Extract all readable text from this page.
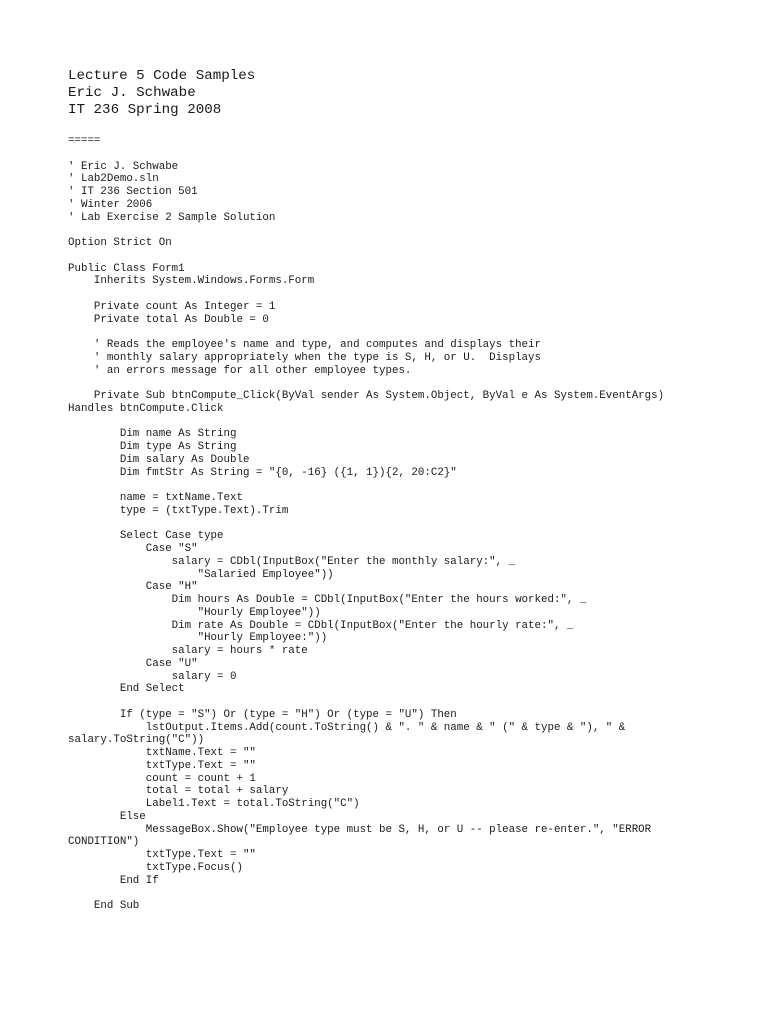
Lecture 5 Code Samples
Eric J. Schwabe
IT 236 Spring 2008
=====
' Eric J. Schwabe
' Lab2Demo.sln
' IT 236 Section 501
' Winter 2006
' Lab Exercise 2 Sample Solution
Option Strict On
Public Class Form1
Inherits System.Windows.Forms.Form
Private count As Integer = 1
Private total As Double = 0
' Reads the employee's name and type, and computes and displays their
' monthly salary appropriately when the type is S, H, or U.  Displays
' an errors message for all other employee types.
Private Sub btnCompute_Click(ByVal sender As System.Object, ByVal e As System.EventArgs)
Handles btnCompute.Click
Dim name As String
Dim type As String
Dim salary As Double
Dim fmtStr As String = "{0, -16} ({1, 1}){2, 20:C2}"
name = txtName.Text
type = (txtType.Text).Trim
Select Case type
Case "S"
salary = CDbl(InputBox("Enter the monthly salary:", _
"Salaried Employee"))
Case "H"
Dim hours As Double = CDbl(InputBox("Enter the hours worked:", _
"Hourly Employee"))
Dim rate As Double = CDbl(InputBox("Enter the hourly rate:", _
"Hourly Employee:"))
salary = hours * rate
Case "U"
salary = 0
End Select
If (type = "S") Or (type = "H") Or (type = "U") Then
lstOutput.Items.Add(count.ToString() & ". " & name & " (" & type & "), " &
salary.ToString("C"))
txtName.Text = ""
txtType.Text = ""
count = count + 1
total = total + salary
Label1.Text = total.ToString("C")
Else
MessageBox.Show("Employee type must be S, H, or U -- please re-enter.", "ERROR
CONDITION")
txtType.Text = ""
txtType.Focus()
End If
End Sub
